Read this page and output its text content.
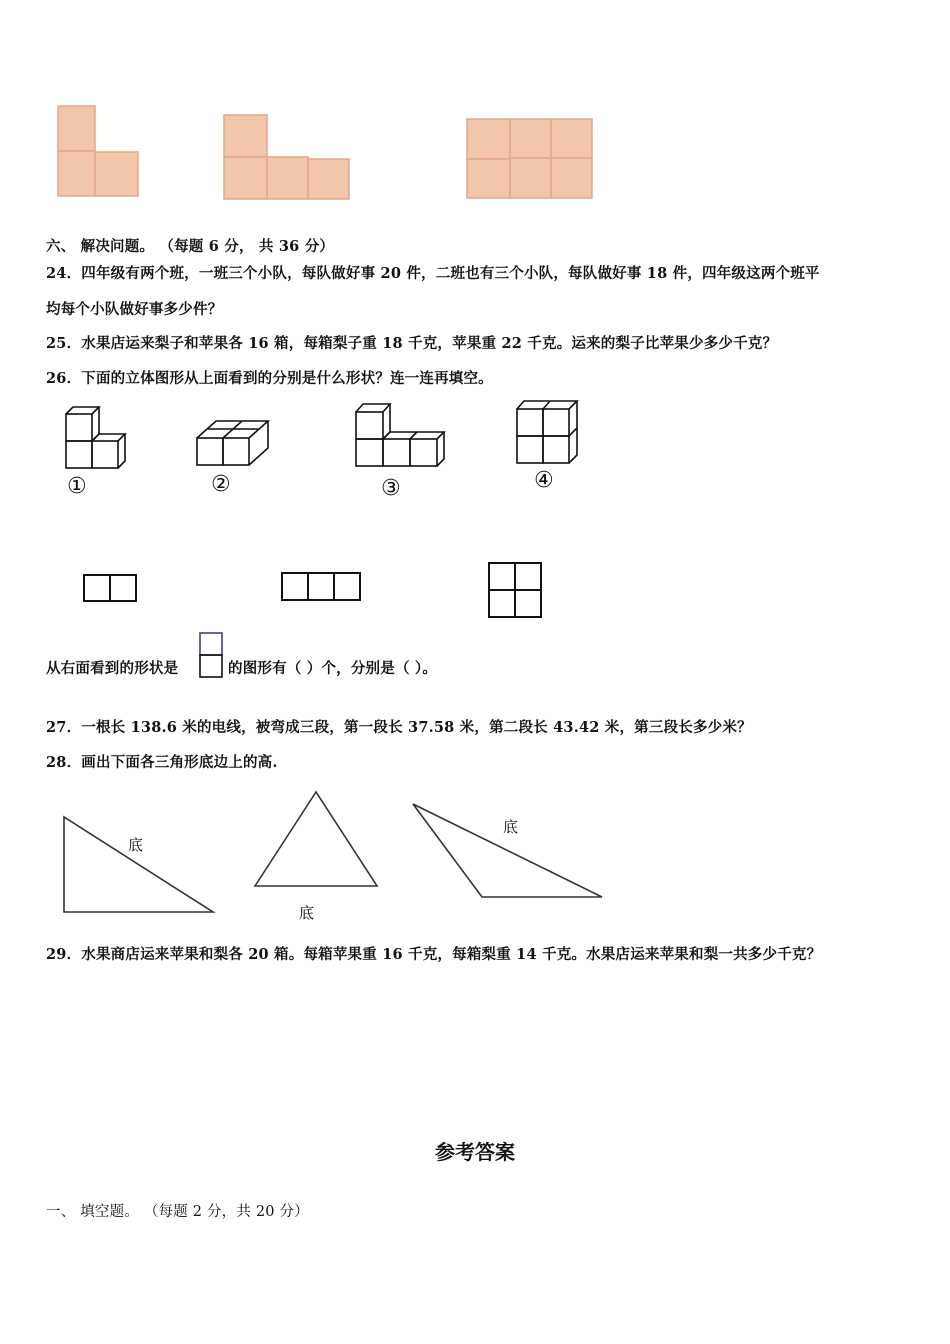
六、 解决问题。 （每题 6 分， 共 36 分）
24．四年级有两个班，一班三个小队，每队做好事 20 件，二班也有三个小队，每队做好事 18 件，四年级这两个班平
均每个小队做好事多少件？
25．水果店运来梨子和苹果各 16 箱，每箱梨子重 18 千克，苹果重 22 千克。运来的梨子比苹果少多少千克？
26．下面的立体图形从上面看到的分别是什么形状？连一连再填空。
①	②	③	④
从右面看到的形状是	的图形有（ ）个，分别是（ ）。
27．一根长 138.6 米的电线，被弯成三段，第一段长 37.58 米，第二段长 43.42 米，第三段长多少米？
28．画出下面各三角形底边上的高.
底
底
底
29．水果商店运来苹果和梨各 20 箱。每箱苹果重 16 千克，每箱梨重 14 千克。水果店运来苹果和梨一共多少千克？
参考答案
一、 填空题。 （每题 2 分，共 20 分）
